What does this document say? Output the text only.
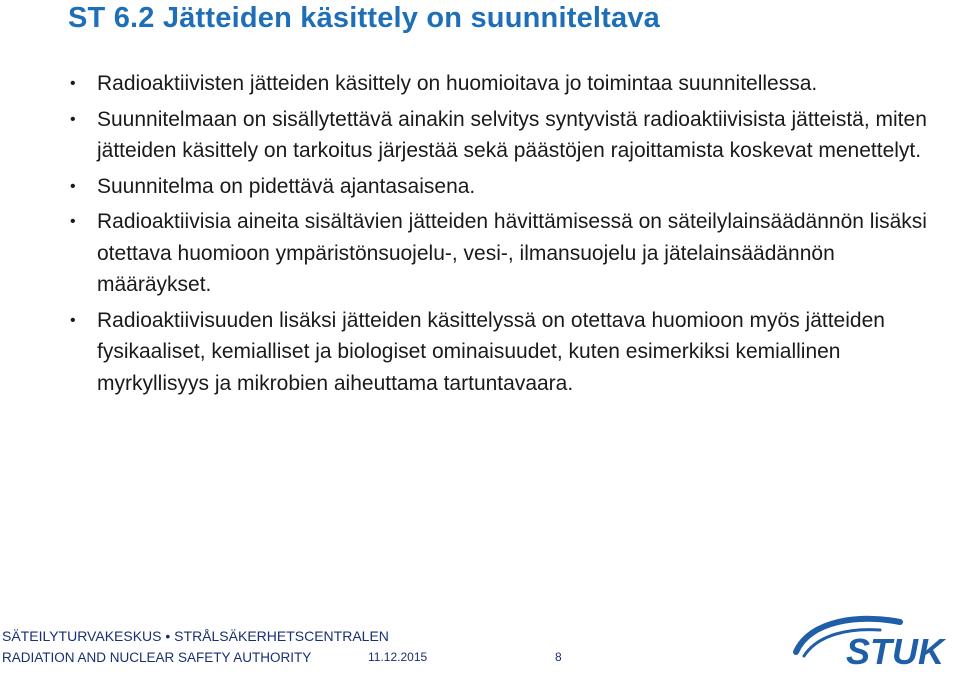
ST 6.2 Jätteiden käsittely on suunniteltava
• Radioaktiivisten jätteiden käsittely on huomioitava jo toimintaa suunnitellessa.
• Suunnitelmaan on sisällytettävä ainakin selvitys syntyvistä radioaktiivisista jätteistä, miten jätteiden käsittely on tarkoitus järjestää sekä päästöjen rajoittamista koskevat menettelyt.
• Suunnitelma on pidettävä ajantasaisena.
• Radioaktiivisia aineita sisältävien jätteiden hävittämisessä on säteilylainsäädännön lisäksi otettava huomioon ympäristönsuojelu-, vesi-, ilmansuojelu ja jätelainsäädännön määräykset.
• Radioaktiivisuuden lisäksi jätteiden käsittelyssä on otettava huomioon myös jätteiden fysikaaliset, kemialliset ja biologiset ominaisuudet, kuten esimerkiksi kemiallinen myrkyllisyys ja mikrobien aiheuttama tartuntavaara.
SÄTEILYTURVAKESKUS • STRÅLSÄKERHETSCENTRALEN
RADIATION AND NUCLEAR SAFETY AUTHORITY	11.12.2015	8	STUK
